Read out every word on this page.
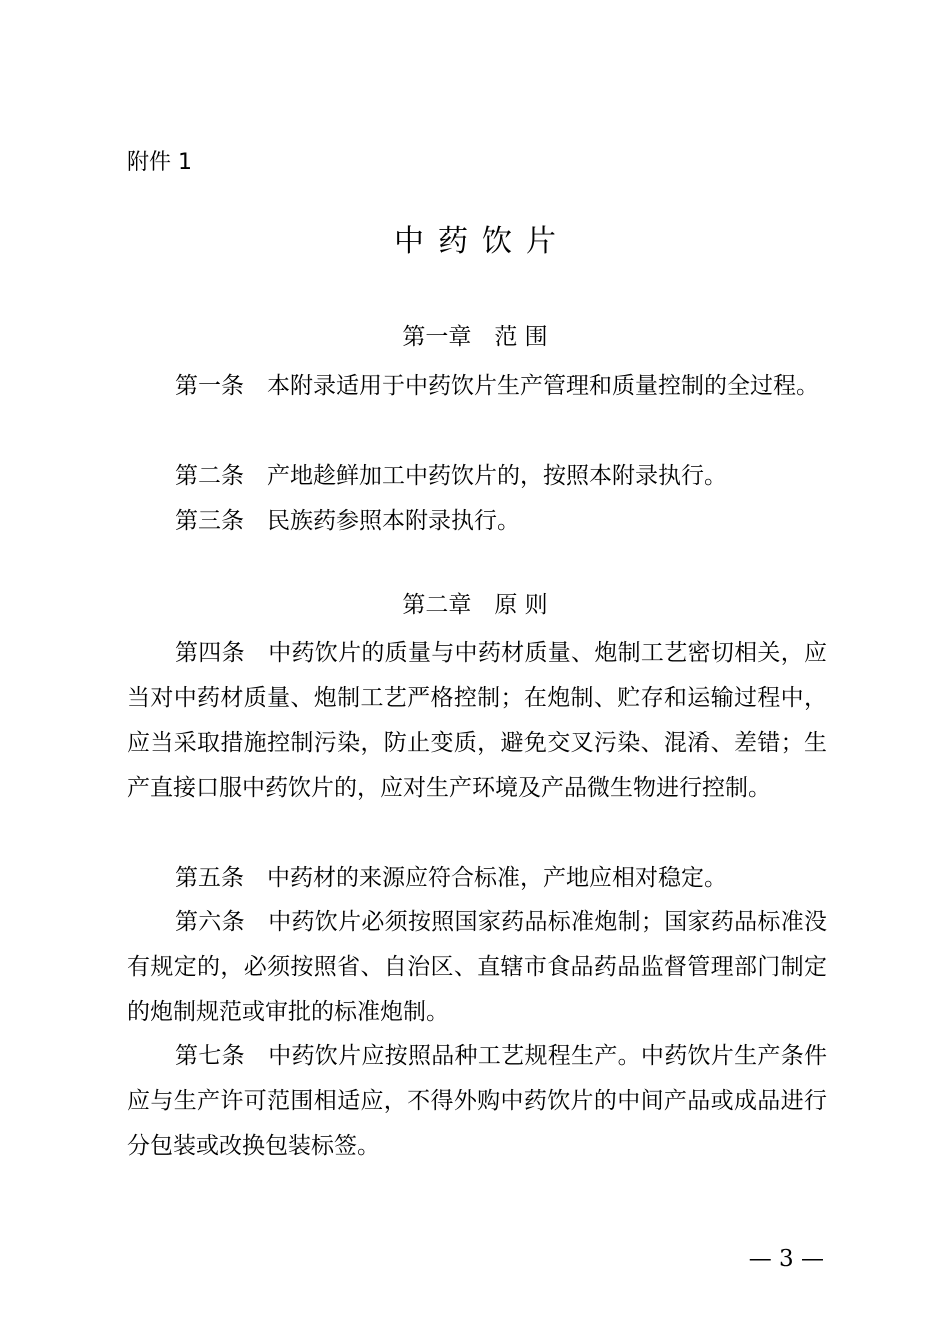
附件 1

中药饮片
第一章　范 围

第一条　 本附录适用于中药饮片生产管理和质量控制的全过程。

第二条　 产地趁鲜加工中药饮片的，按照本附录执行。

第三条　 民族药参照本附录执行。

第二章　原 则

第四条　 中药饮片的质量与中药材质量、炮制工艺密切相关，应当对中药材质量、炮制工艺严格控制；在炮制、贮存和运输过程中，应当采取措施控制污染，防止变质，避免交叉污染、混淆、差错；生产直接口服中药饮片的，应对生产环境及产品微生物进行控制。

第五条　 中药材的来源应符合标准，产地应相对稳定。

第六条　 中药饮片必须按照国家药品标准炮制；国家药品标准没有规定的，必须按照省、自治区、直辖市食品药品监督管理部门制定的炮制规范或审批的标准炮制。

第七条　 中药饮片应按照品种工艺规程生产。中药饮片生产条件应与生产许可范围相适应，不得外购中药饮片的中间产品或成品进行分包装或改换包装标签。

— 3 —
